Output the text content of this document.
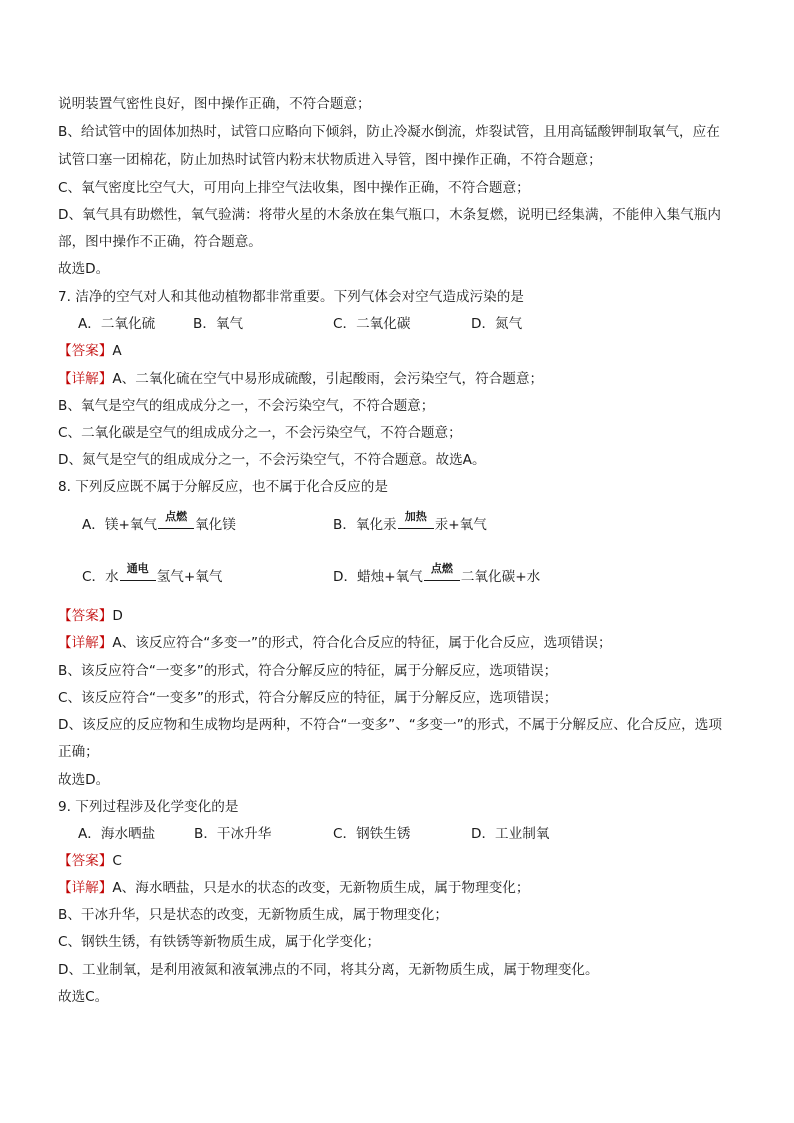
说明装置气密性良好，图中操作正确，不符合题意；
B、给试管中的固体加热时，试管口应略向下倾斜，防止冷凝水倒流，炸裂试管，且用高锰酸钾制取氧气，应在
试管口塞一团棉花，防止加热时试管内粉末状物质进入导管，图中操作正确，不符合题意；
C、氧气密度比空气大，可用向上排空气法收集，图中操作正确，不符合题意；
D、氧气具有助燃性，氧气验满：将带火星的木条放在集气瓶口，木条复燃，说明已经集满，不能伸入集气瓶内
部，图中操作不正确，符合题意。
故选D。
7. 洁净的空气对人和其他动植物都非常重要。下列气体会对空气造成污染的是
A．二氧化硫	B．氧气	C．二氧化碳	D．氮气
【答案】A
【详解】A、二氧化硫在空气中易形成硫酸，引起酸雨，会污染空气，符合题意；
B、氧气是空气的组成成分之一，不会污染空气，不符合题意；
C、二氧化碳是空气的组成成分之一，不会污染空气，不符合题意；
D、氮气是空气的组成成分之一，不会污染空气，不符合题意。故选A。
8. 下列反应既不属于分解反应，也不属于化合反应的是
A．镁+氧气
点燃
氧化镁	B．氧化汞
加热
汞+氧气
C．水
通电
氢气+氧气	D．蜡烛+氧气
点燃
二氧化碳+水
【答案】D
【详解】A、该反应符合“多变一”的形式，符合化合反应的特征，属于化合反应，选项错误；
B、该反应符合“一变多”的形式，符合分解反应的特征，属于分解反应，选项错误；
C、该反应符合“一变多”的形式，符合分解反应的特征，属于分解反应，选项错误；
D、该反应的反应物和生成物均是两种，不符合“一变多”、“多变一”的形式，不属于分解反应、化合反应，选项
正确；
故选D。
9. 下列过程涉及化学变化的是
A．海水晒盐	B．干冰升华	C．钢铁生锈	D．工业制氧
【答案】C
【详解】A、海水晒盐，只是水的状态的改变，无新物质生成，属于物理变化；
B、干冰升华，只是状态的改变，无新物质生成，属于物理变化；
C、钢铁生锈，有铁锈等新物质生成，属于化学变化；
D、工业制氧，是利用液氮和液氧沸点的不同，将其分离，无新物质生成，属于物理变化。
故选C。
